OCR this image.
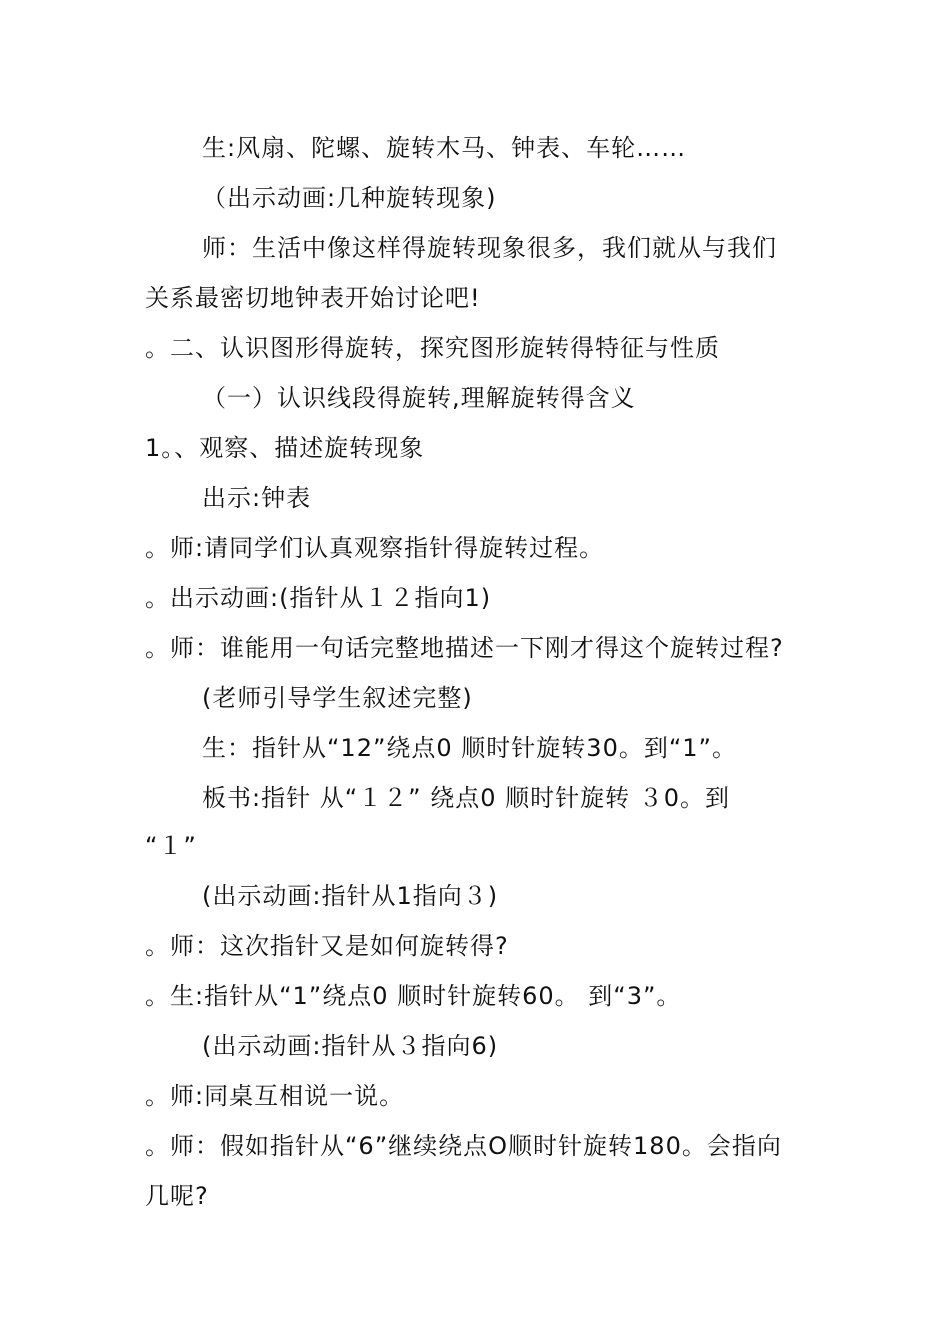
生:风扇、陀螺、旋转木马、钟表、车轮……
（出示动画:几种旋转现象)
师：生活中像这样得旋转现象很多，我们就从与我们
关系最密切地钟表开始讨论吧!
。二、认识图形得旋转，探究图形旋转得特征与性质
（一）认识线段得旋转,理解旋转得含义
1。、观察、描述旋转现象
出示:钟表
。师:请同学们认真观察指针得旋转过程。
。出示动画:(指针从１２指向1)
。师：谁能用一句话完整地描述一下刚才得这个旋转过程?
(老师引导学生叙述完整)
生：指针从“12”绕点0 顺时针旋转30。到“1”。
板书:指针 从“１２” 绕点0 顺时针旋转 ３0。到
“１”
(出示动画:指针从1指向３)
。师：这次指针又是如何旋转得?
。生:指针从“1”绕点0 顺时针旋转60。 到“3”。
(出示动画:指针从３指向6)
。师:同桌互相说一说。
。师：假如指针从“6”继续绕点O顺时针旋转180。会指向
几呢?
